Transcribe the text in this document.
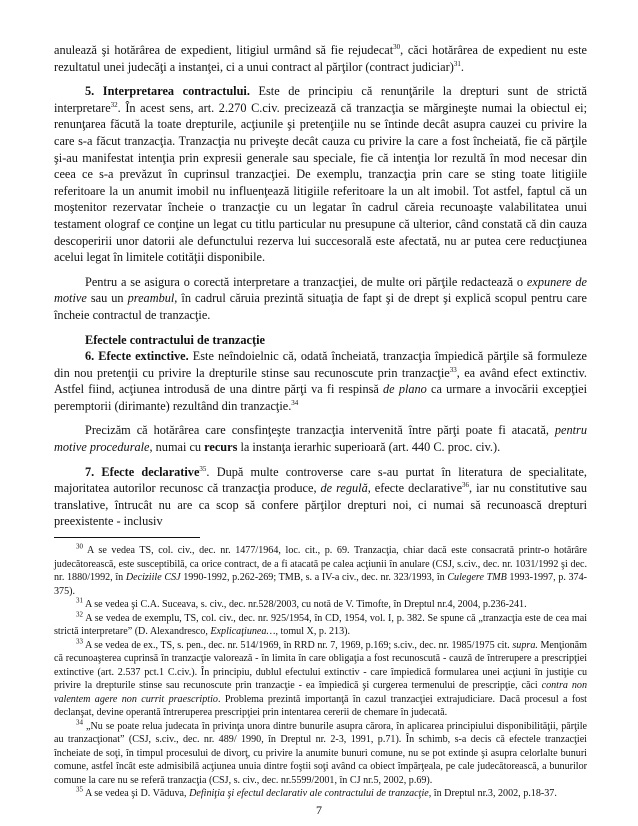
anulează şi hotărârea de expedient, litigiul urmând să fie rejudecat$^{30}$, căci hotărârea de expedient nu este rezultatul unei judecăţi a instanţei, ci a unui contract al părţilor (contract judiciar)$^{31}$.

5. Interpretarea contractului. Este de principiu că renunţările la drepturi sunt de strictă interpretare$^{32}$. În acest sens, art. 2.270 C.civ. precizează că tranzacţia se mărgineşte numai la obiectul ei; renunţarea făcută la toate drepturile, acţiunile şi pretenţiile nu se întinde decât asupra cauzei cu privire la care s-a făcut tranzacţia. Tranzacţia nu priveşte decât cauza cu privire la care a fost încheiată, fie că părţile şi-au manifestat intenţia prin expresii generale sau speciale, fie că intenţia lor rezultă în mod necesar din ceea ce s-a prevăzut în cuprinsul tranzacţiei. De exemplu, tranzacţia prin care se sting toate litigiile referitoare la un anumit imobil nu influenţează litigiile referitoare la un alt imobil. Tot astfel, faptul că un moştenitor rezervatar încheie o tranzacţie cu un legatar în cadrul căreia recunoaşte valabilitatea unui testament olograf ce conţine un legat cu titlu particular nu presupune că ulterior, când constată că din cauza descoperirii unor datorii ale defunctului rezerva lui succesorală este afectată, nu ar putea cere reducţiunea acelui legat în limitele cotităţii disponibile.

Pentru a se asigura o corectă interpretare a tranzacţiei, de multe ori părţile redactează o expunere de motive sau un preambul, în cadrul căruia prezintă situaţia de fapt şi de drept şi explică scopul pentru care încheie contractul de tranzacţie.

Efectele contractului de tranzacţie

6. Efecte extinctive. Este neîndoielnic că, odată încheiată, tranzacţia împiedică părţile să formuleze din nou pretenţii cu privire la drepturile stinse sau recunoscute prin tranzacţie$^{33}$, ea având efect extinctiv. Astfel fiind, acţiunea introdusă de una dintre părţi va fi respinsă de plano ca urmare a invocării excepţiei peremptorii (dirimante) rezultând din tranzacţie.$^{34}$

Precizăm că hotărârea care consfinţeşte tranzacţia intervenită între părţi poate fi atacată, pentru motive procedurale, numai cu recurs la instanţa ierarhic superioară (art. 440 C. proc. civ.).

7. Efecte declarative$^{35}$. După multe controverse care s-au purtat în literatura de specialitate, majoritatea autorilor recunosc că tranzacţia produce, de regulă, efecte declarative$^{36}$, iar nu constitutive sau translative, întrucât nu are ca scop să confere părţilor drepturi noi, ci numai să recunoască drepturi preexistente - inclusiv

$^{30}$ A se vedea TS, col. civ., dec. nr. 1477/1964, loc. cit., p. 69. Tranzacţia, chiar dacă este consacrată printr-o hotărâre judecătorească, este susceptibilă, ca orice contract, de a fi atacată pe calea acţiunii în anulare (CSJ, s.civ., dec. nr. 1031/1992 şi dec. nr. 1880/1992, în Deciziile CSJ 1990-1992, p.262-269; TMB, s. a IV-a civ., dec. nr. 323/1993, în Culegere TMB 1993-1997, p. 374-375).

$^{31}$ A se vedea şi C.A. Suceava, s. civ., dec. nr.528/2003, cu notă de V. Timofte, în Dreptul nr.4, 2004, p.236-241.

$^{32}$ A se vedea de exemplu, TS, col. civ., dec. nr. 925/1954, în CD, 1954, vol. I, p. 382. Se spune că „tranzacţia este de cea mai strictă interpretare” (D. Alexandresco, Explicaţiunea…, tomul X, p. 213).

$^{33}$ A se vedea de ex., TS, s. pen., dec. nr. 514/1969, în RRD nr. 7, 1969, p.169; s.civ., dec. nr. 1985/1975 cit. supra. Menţionăm că recunoaşterea cuprinsă în tranzacţie valorează - în limita în care obligaţia a fost recunoscută - cauză de întrerupere a prescripţiei extinctive (art. 2.537 pct.1 C.civ.). În principiu, dublul efectului extinctiv - care împiedică formularea unei acţiuni în justiţie cu privire la drepturile stinse sau recunoscute prin tranzacţie - ea împiedică şi curgerea termenului de prescripţie, căci contra non valentem agere non currit praescriptio. Problema prezintă importanţă în cazul tranzacţiei extrajudiciare. Dacă procesul a fost declanşat, devine operantă întreruperea prescripţiei prin intentarea cererii de chemare în judecată.

$^{34}$ „Nu se poate relua judecata în privinţa unora dintre bunurile asupra cărora, în aplicarea principiului disponibilităţii, părţile au tranzacţionat” (CSJ, s.civ., dec. nr. 489/ 1990, în Dreptul nr. 2-3, 1991, p.71). În schimb, s-a decis că efectele tranzacţiei încheiate de soţi, în timpul procesului de divorţ, cu privire la anumite bunuri comune, nu se pot extinde şi asupra celorlalte bunuri comune, astfel încât este admisibilă acţiunea unuia dintre foştii soţi având ca obiect împărţeala, pe cale judecătorească, a bunurilor comune la care nu se referă tranzacţia (CSJ, s. civ., dec. nr.5599/2001, în CJ nr.5, 2002, p.69).

$^{35}$ A se vedea şi D. Văduva, Definiţia şi efectul declarativ ale contractului de tranzacţie, în Dreptul nr.3, 2002, p.18-37.

7
